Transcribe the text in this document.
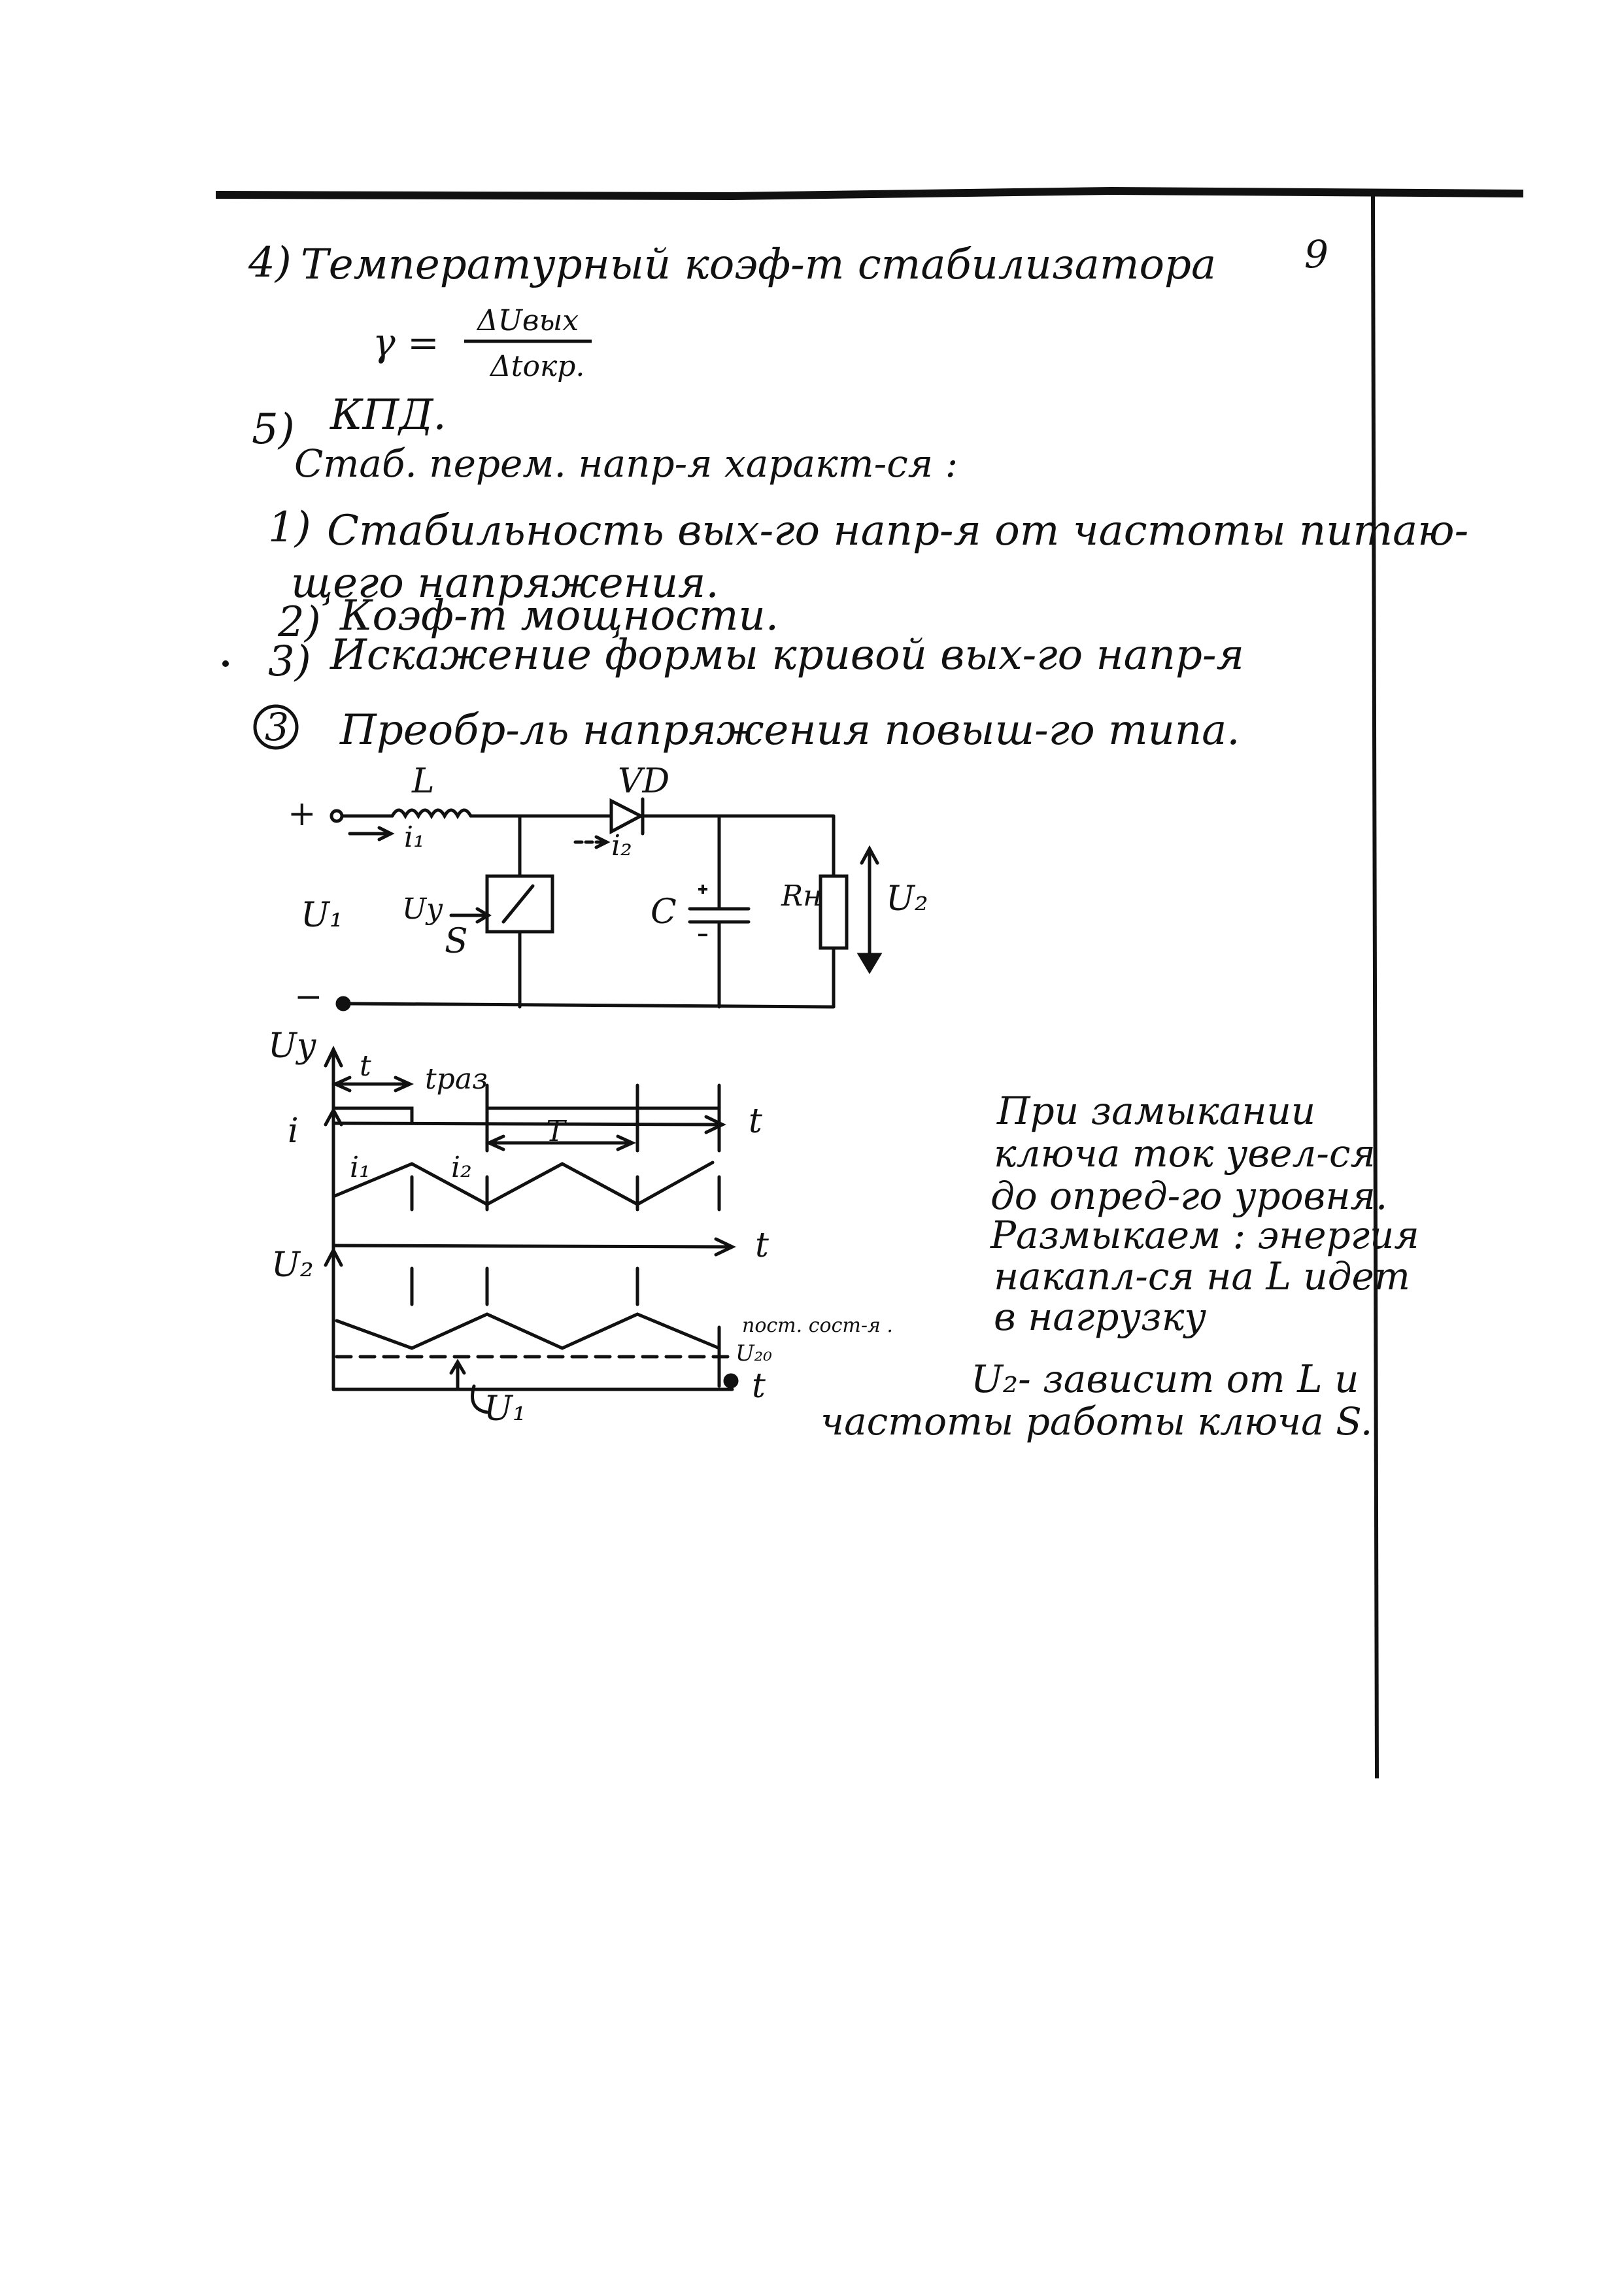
9
4) Температурный коэф-т стабилизатора
γ = ΔUвых
Δtокр.
5) КПД.
Стаб. перем. напр-я характ-ся :
1) Стабильность вых-го напр-я от частоты питаю-
щего напряжения.
2) Коэф-т мощности.
3) Искажение формы кривой вых-го напр-я
3 Преобр-ль напряжения повыш-го типа.
+
−
L	VD
i₁	i₂
U₁ Uу
S
C	Rн U₂
Uу
i
U₂
t
t
t
t tраз
T
i₁	i₂
пост. сост-я .
U₂₀
U₁
При замыкании
ключа ток увел-ся
до опред-го уровня.
Размыкаем : энергия
накапл-ся на L идет
в нагрузку
U₂- зависит от L и
частоты работы ключа S.
